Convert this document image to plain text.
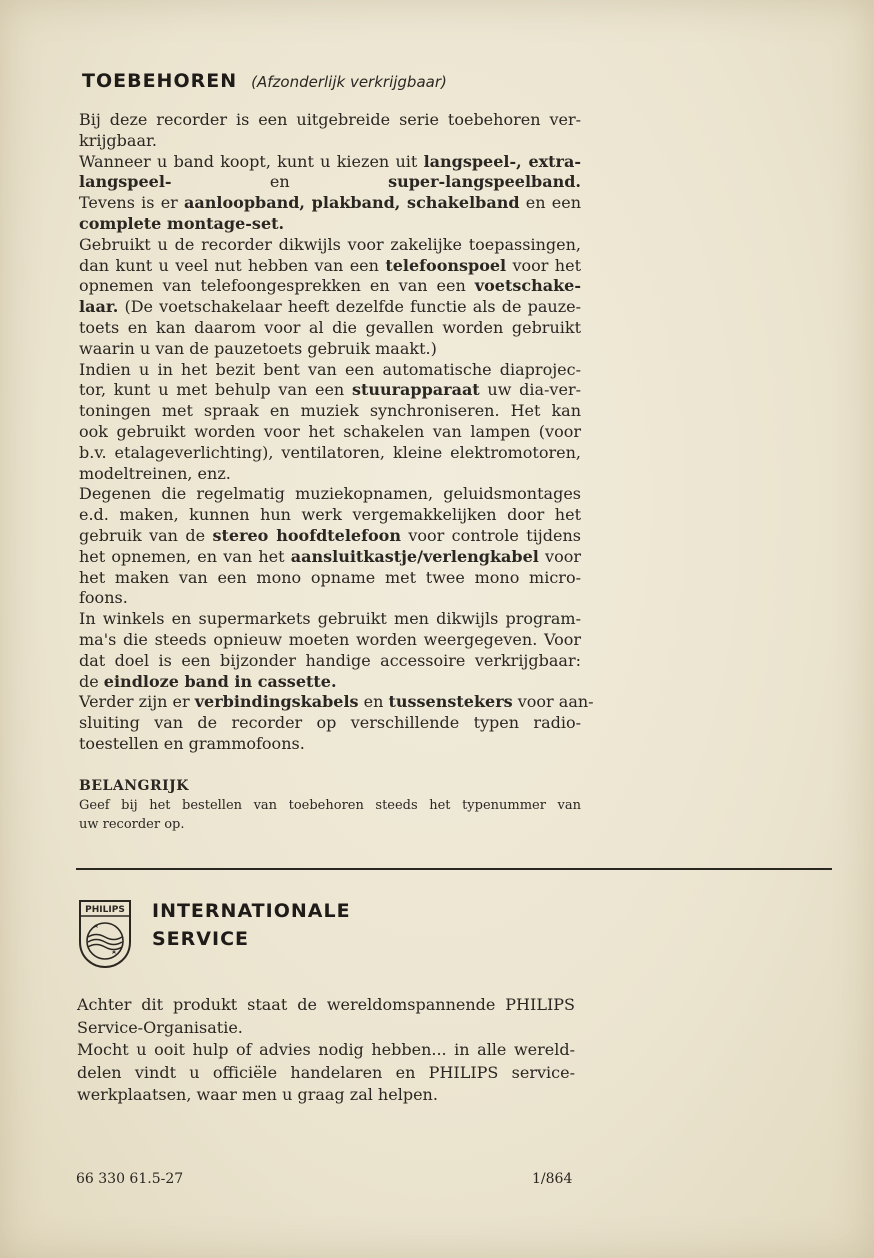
TOEBEHOREN (Afzonderlijk verkrijgbaar)
Bij deze recorder is een uitgebreide serie toebehoren ver-
krijgbaar.
Wanneer u band koopt, kunt u kiezen uit langspeel-, extra-
langspeel- en super-langspeelband.
Tevens is er aanloopband, plakband, schakelband en een
complete montage-set.
Gebruikt u de recorder dikwijls voor zakelijke toepassingen,
dan kunt u veel nut hebben van een telefoonspoel voor het
opnemen van telefoongesprekken en van een voetschake-
laar. (De voetschakelaar heeft dezelfde functie als de pauze-
toets en kan daarom voor al die gevallen worden gebruikt
waarin u van de pauzetoets gebruik maakt.)
Indien u in het bezit bent van een automatische diaprojec-
tor, kunt u met behulp van een stuurapparaat uw dia-ver-
toningen met spraak en muziek synchroniseren. Het kan
ook gebruikt worden voor het schakelen van lampen (voor
b.v. etalageverlichting), ventilatoren, kleine elektromotoren,
modeltreinen, enz.
Degenen die regelmatig muziekopnamen, geluidsmontages
e.d. maken, kunnen hun werk vergemakkelijken door het
gebruik van de stereo hoofdtelefoon voor controle tijdens
het opnemen, en van het aansluitkastje/verlengkabel voor
het maken van een mono opname met twee mono micro-
foons.
In winkels en supermarkets gebruikt men dikwijls program-
ma's die steeds opnieuw moeten worden weergegeven. Voor
dat doel is een bijzonder handige accessoire verkrijgbaar:
de eindloze band in cassette.
Verder zijn er verbindingskabels en tussenstekers voor aan-
sluiting van de recorder op verschillende typen radio-
toestellen en grammofoons.
BELANGRIJK
Geef bij het bestellen van toebehoren steeds het typenummer van
uw recorder op.
PHILIPS INTERNATIONALE
SERVICE
Achter dit produkt staat de wereldomspannende PHILIPS
Service-Organisatie.
Mocht u ooit hulp of advies nodig hebben... in alle wereld-
delen vindt u officiële handelaren en PHILIPS service-
werkplaatsen, waar men u graag zal helpen.
66 330 61.5-27	1/864
